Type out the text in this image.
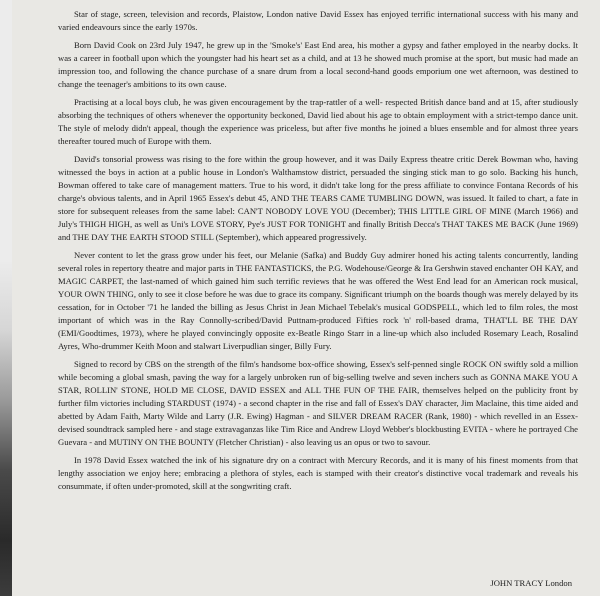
Star of stage, screen, television and records, Plaistow, London native David Essex has enjoyed terrific international success with his many and varied endeavours since the early 1970s.

Born David Cook on 23rd July 1947, he grew up in the 'Smoke's' East End area, his mother a gypsy and father employed in the nearby docks. It was a career in football upon which the youngster had his heart set as a child, and at 13 he showed much promise at the sport, but music had made an impression too, and following the chance purchase of a snare drum from a local second-hand goods emporium one wet afternoon, was destined to change the teenager's ambitions to its own cause.

Practising at a local boys club, he was given encouragement by the trap-rattler of a well- respected British dance band and at 15, after studiously absorbing the techniques of others whenever the opportunity beckoned, David lied about his age to obtain employment with a strict-tempo dance unit. The style of melody didn't appeal, though the experience was priceless, but after five months he joined a blues ensemble and for almost three years thereafter toured much of Europe with them.

David's tonsorial prowess was rising to the fore within the group however, and it was Daily Express theatre critic Derek Bowman who, having witnessed the boys in action at a public house in London's Walthamstow district, persuaded the singing stick man to go solo. Backing his hunch, Bowman offered to take care of management matters. True to his word, it didn't take long for the press affiliate to convince Fontana Records of his charge's obvious talents, and in April 1965 Essex's debut 45, AND THE TEARS CAME TUMBLING DOWN, was issued. It failed to chart, a fate in store for subsequent releases from the same label: CAN'T NOBODY LOVE YOU (December); THIS LITTLE GIRL OF MINE (March 1966) and July's THIGH HIGH, as well as Uni's LOVE STORY, Pye's JUST FOR TONIGHT and finally British Decca's THAT TAKES ME BACK (June 1969) and THE DAY THE EARTH STOOD STILL (September), which appeared progressively.

Never content to let the grass grow under his feet, our Melanie (Safka) and Buddy Guy admirer honed his acting talents concurrently, landing several roles in repertory theatre and major parts in THE FANTASTICKS, the P.G. Wodehouse/George & Ira Gershwin staved enchanter OH KAY, and MAGIC CARPET, the last-named of which gained him such terrific reviews that he was offered the West End lead for an American rock musical, YOUR OWN THING, only to see it close before he was due to grace its company. Significant triumph on the boards though was merely delayed by its cessation, for in October '71 he landed the billing as Jesus Christ in Jean Michael Tebelak's musical GODSPELL, which led to film roles, the most important of which was in the Ray Connolly-scribed/David Puttnam-produced Fifties rock 'n' roll-based drama, THAT'LL BE THE DAY (EMI/Goodtimes, 1973), where he played convincingly opposite ex-Beatle Ringo Starr in a line-up which also included Rosemary Leach, Rosalind Ayres, Who-drummer Keith Moon and stalwart Liverpudlian singer, Billy Fury.

Signed to record by CBS on the strength of the film's handsome box-office showing, Essex's self-penned single ROCK ON swiftly sold a million while becoming a global smash, paving the way for a largely unbroken run of big-selling twelve and seven inchers such as GONNA MAKE YOU A STAR, ROLLIN' STONE, HOLD ME CLOSE, DAVID ESSEX and ALL THE FUN OF THE FAIR, themselves helped on the publicity front by further film victories including STARDUST (1974) - a second chapter in the rise and fall of Essex's DAY character, Jim Maclaine, this time aided and abetted by Adam Faith, Marty Wilde and Larry (J.R. Ewing) Hagman - and SILVER DREAM RACER (Rank, 1980) - which revelled in an Essex- devised soundtrack sampled here - and stage extravaganzas like Tim Rice and Andrew Lloyd Webber's blockbusting EVITA - where he portrayed Che Guevara - and MUTINY ON THE BOUNTY (Fletcher Christian) - also leaving us an opus or two to savour.

In 1978 David Essex watched the ink of his signature dry on a contract with Mercury Records, and it is many of his finest moments from that lengthy association we enjoy here; embracing a plethora of styles, each is stamped with their creator's distinctive vocal trademark and reveals his consummate, if often under-promoted, skill at the songwriting craft.

JOHN TRACY London
